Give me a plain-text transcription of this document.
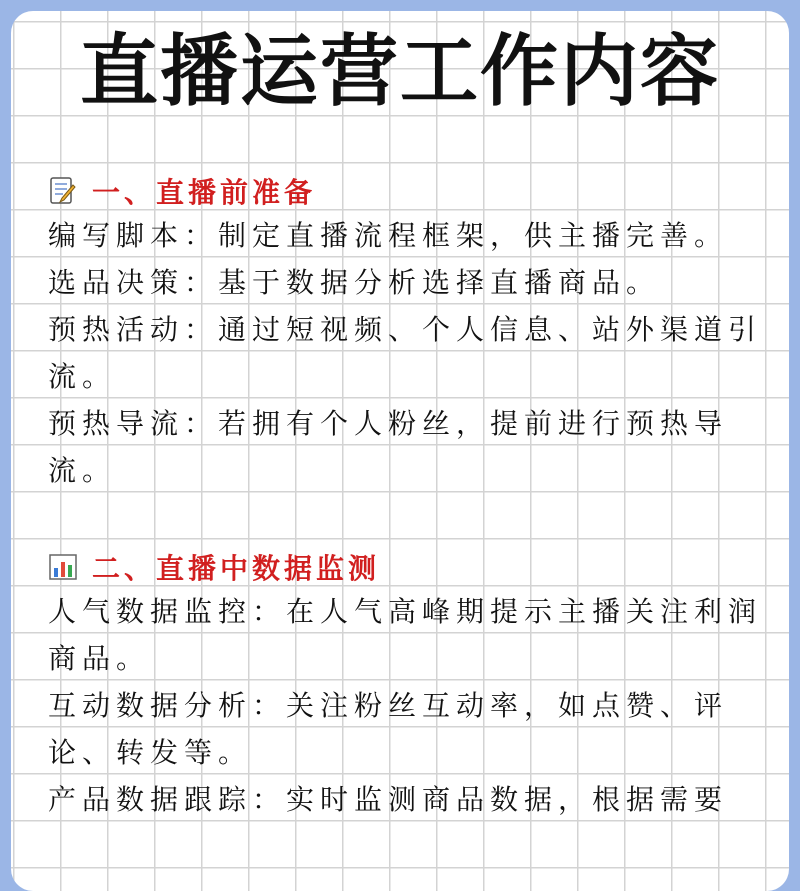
直播运营工作内容
一、直播前准备

编写脚本：制定直播流程框架，供主播完善。

选品决策：基于数据分析选择直播商品。

预热活动：通过短视频、个人信息、站外渠道引流。

预热导流：若拥有个人粉丝，提前进行预热导流。

二、直播中数据监测

人气数据监控：在人气高峰期提示主播关注利润商品。

互动数据分析：关注粉丝互动率，如点赞、评论、转发等。

产品数据跟踪：实时监测商品数据，根据需要
